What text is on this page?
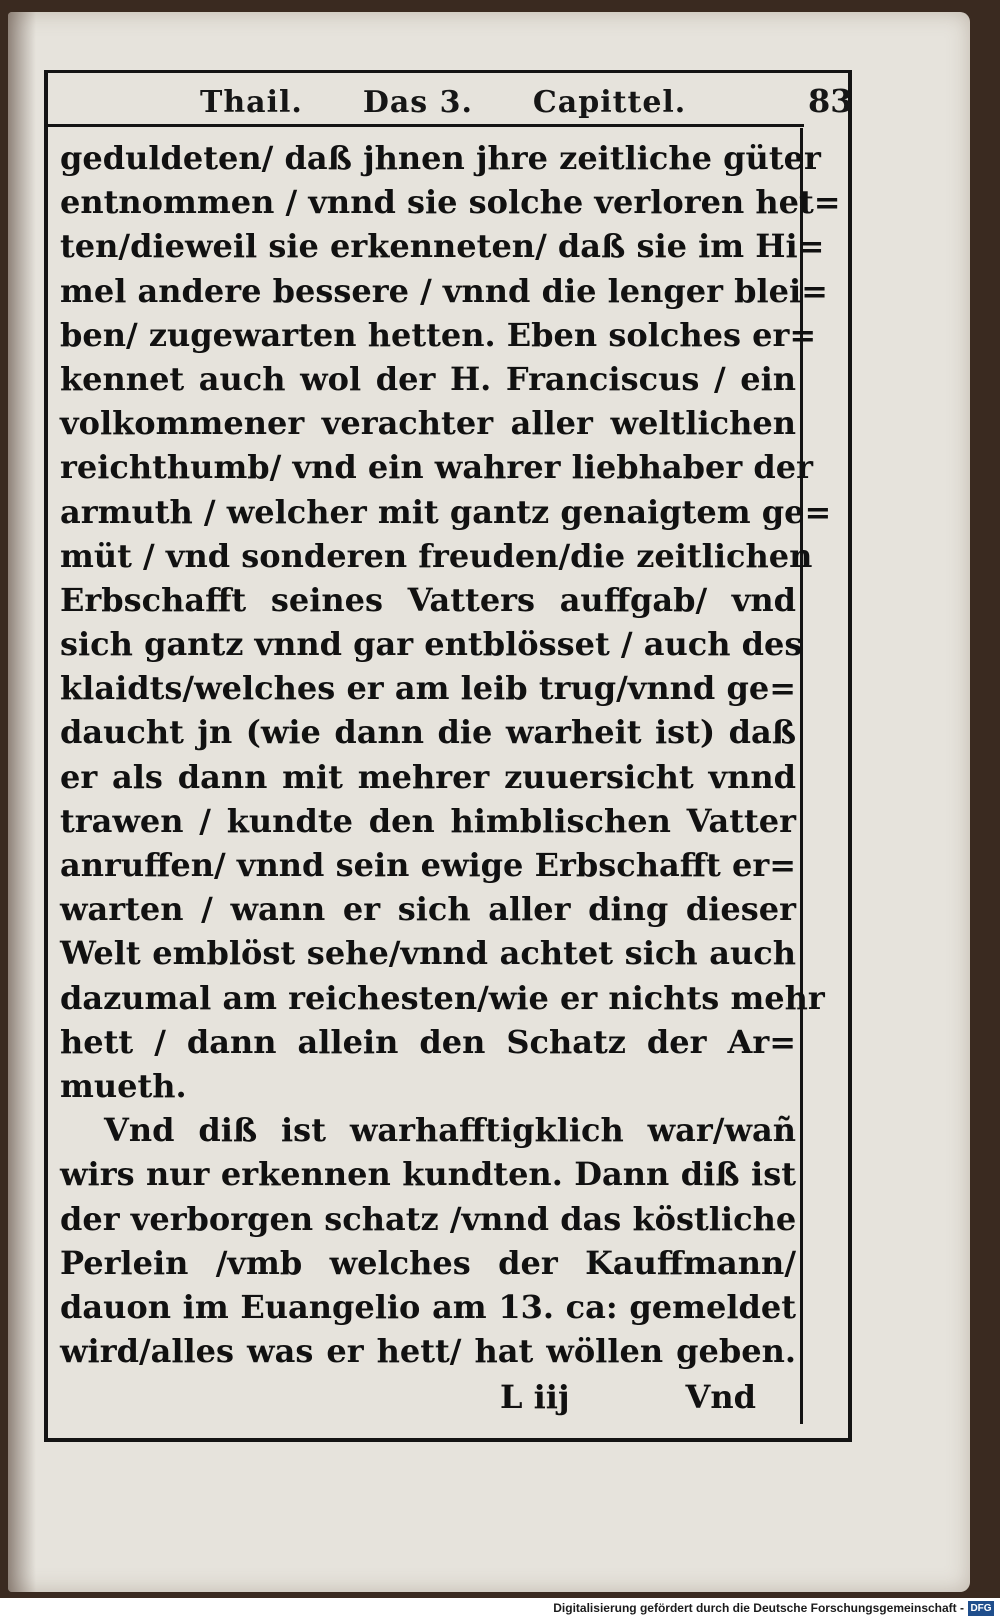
Thail. Das 3. Capittel.	83
geduldeten/ daß jhnen jhre zeitliche güter
entnommen / vnnd sie solche verloren het=
ten/dieweil sie erkenneten/ daß sie im Hi=
mel andere bessere / vnnd die lenger blei=
ben/ zugewarten hetten. Eben solches er=
kennet auch wol der H. Franciscus / ein
volkommener verachter aller weltlichen
reichthumb/ vnd ein wahrer liebhaber der
armuth / welcher mit gantz genaigtem ge=
müt / vnd sonderen freuden/die zeitlichen
Erbschafft seines Vatters auffgab/ vnd
sich gantz vnnd gar entblösset / auch des
klaidts/welches er am leib trug/vnnd ge=
daucht jn (wie dann die warheit ist) daß
er als dann mit mehrer zuuersicht vnnd
trawen / kundte den himblischen Vatter
anruffen/ vnnd sein ewige Erbschafft er=
warten / wann er sich aller ding dieser
Welt emblöst sehe/vnnd achtet sich auch
dazumal am reichesten/wie er nichts mehr
hett / dann allein den Schatz der Ar=
mueth.
Vnd diß ist warhafftigklich war/wañ
wirs nur erkennen kundten. Dann diß ist
der verborgen schatz /vnnd das köstliche
Perlein /vmb welches der Kauffmann/
dauon im Euangelio am 13. ca: gemeldet
wird/alles was er hett/ hat wöllen geben.
L iij	Vnd
Digitalisierung gefördert durch die Deutsche Forschungsgemeinschaft - DFG
